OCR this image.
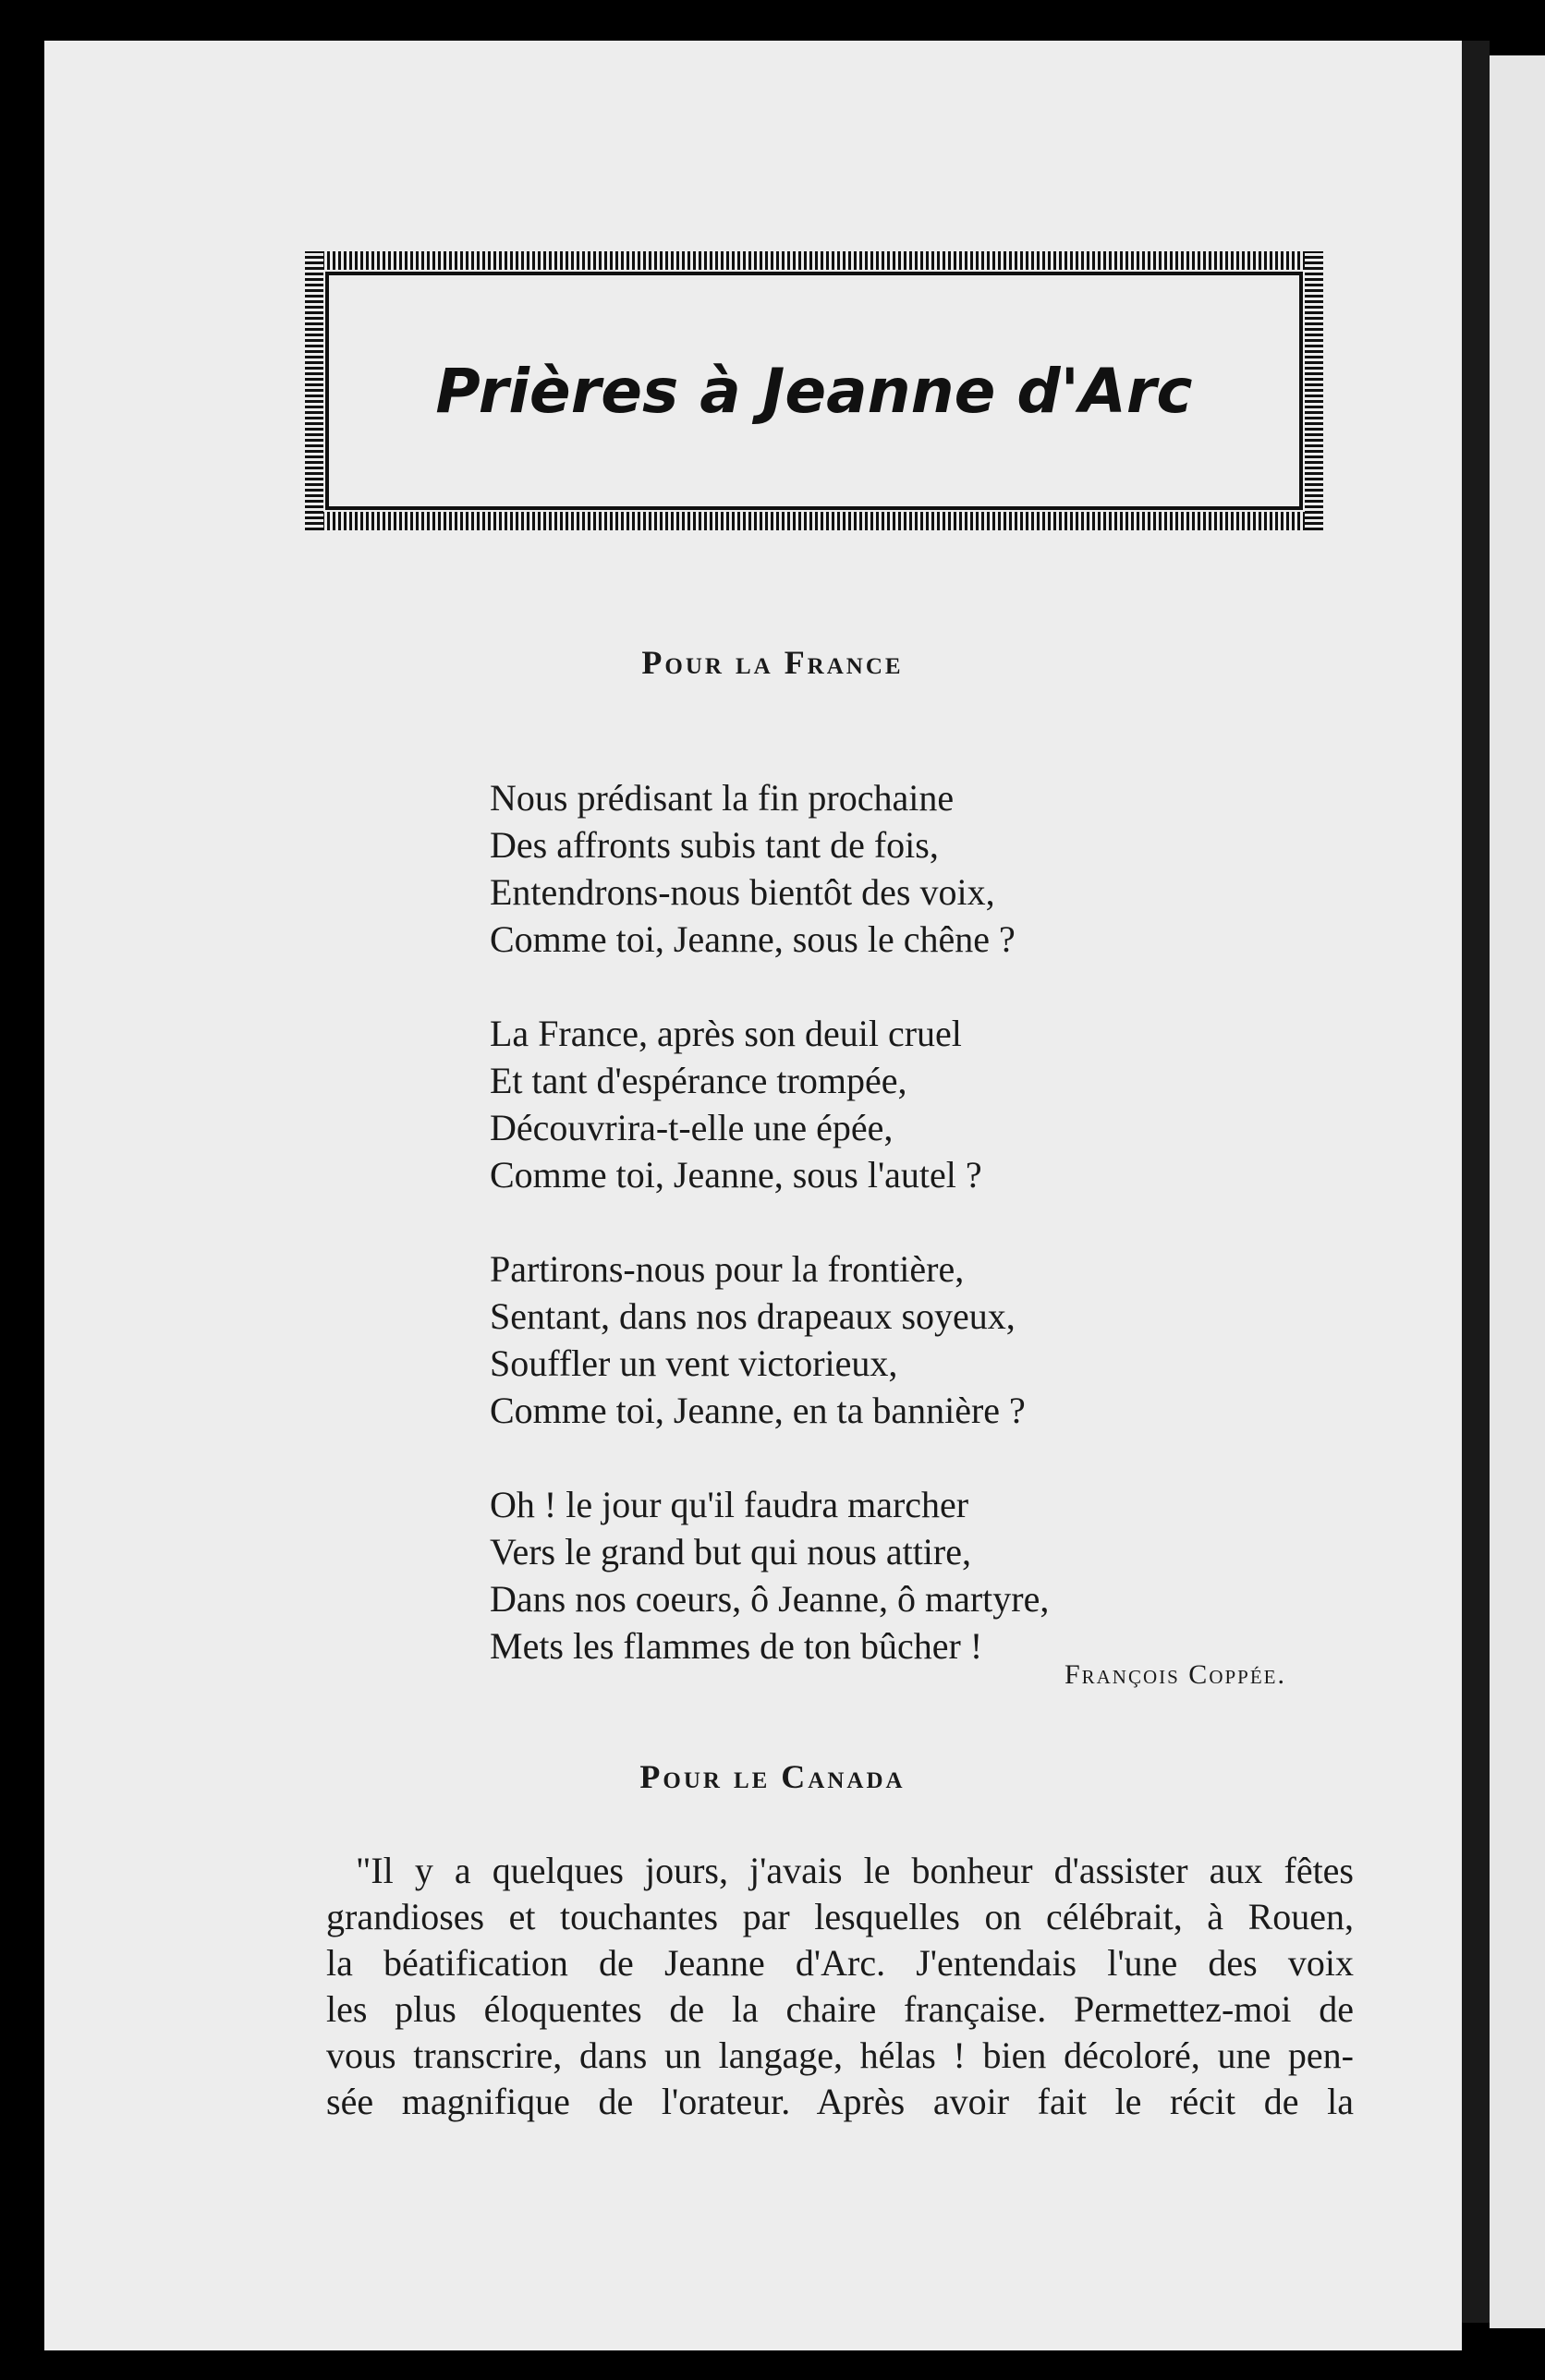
Prières à Jeanne d'Arc
Pour la France

Nous prédisant la fin prochaine
Des affronts subis tant de fois,
Entendrons-nous bientôt des voix,
Comme toi, Jeanne, sous le chêne ?

La France, après son deuil cruel
Et tant d'espérance trompée,
Découvrira-t-elle une épée,
Comme toi, Jeanne, sous l'autel ?

Partirons-nous pour la frontière,
Sentant, dans nos drapeaux soyeux,
Souffler un vent victorieux,
Comme toi, Jeanne, en ta bannière ?

Oh ! le jour qu'il faudra marcher
Vers le grand but qui nous attire,
Dans nos coeurs, ô Jeanne, ô martyre,
Mets les flammes de ton bûcher !

François Coppée.

Pour le Canada

"Il y a quelques jours, j'avais le bonheur d'assister aux fêtes
grandioses et touchantes par lesquelles on célébrait, à Rouen,
la béatification de Jeanne d'Arc. J'entendais l'une des voix
les plus éloquentes de la chaire française. Permettez-moi de
vous transcrire, dans un langage, hélas ! bien décoloré, une pen-
sée magnifique de l'orateur. Après avoir fait le récit de la
